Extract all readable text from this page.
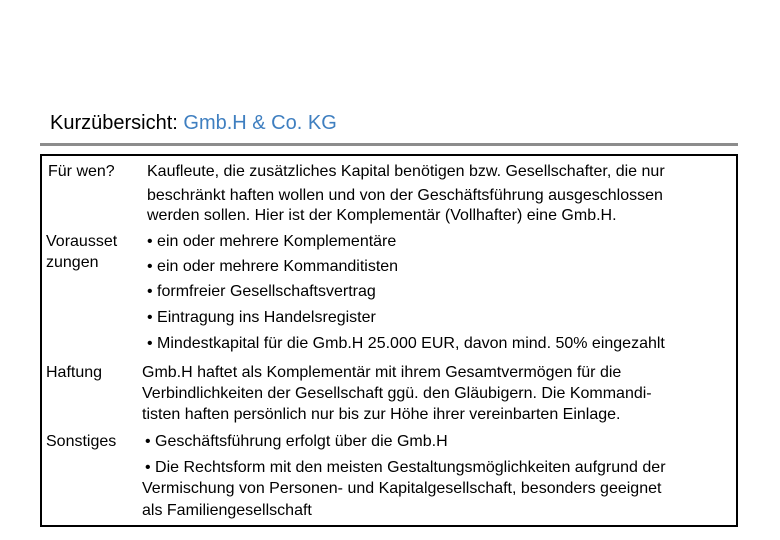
Kurzübersicht: Gmb.H & Co. KG
Für wen? Kaufleute, die zusätzliches Kapital benötigen bzw. Gesellschafter, die nur
beschränkt haften wollen und von der Geschäftsführung ausgeschlossen
werden sollen. Hier ist der Komplementär (Vollhafter) eine Gmb.H.
Vorausset
zungen
• ein oder mehrere Komplementäre
• ein oder mehrere Kommanditisten
• formfreier Gesellschaftsvertrag
• Eintragung ins Handelsregister
• Mindestkapital für die Gmb.H 25.000 EUR, davon mind. 50% eingezahlt
Haftung Gmb.H haftet als Komplementär mit ihrem Gesamtvermögen für die
Verbindlichkeiten der Gesellschaft ggü. den Gläubigern. Die Kommandi-
tisten haften persönlich nur bis zur Höhe ihrer vereinbarten Einlage.
Sonstiges • Geschäftsführung erfolgt über die Gmb.H
• Die Rechtsform mit den meisten Gestaltungsmöglichkeiten aufgrund der
Vermischung von Personen- und Kapitalgesellschaft, besonders geeignet
als Familiengesellschaft
